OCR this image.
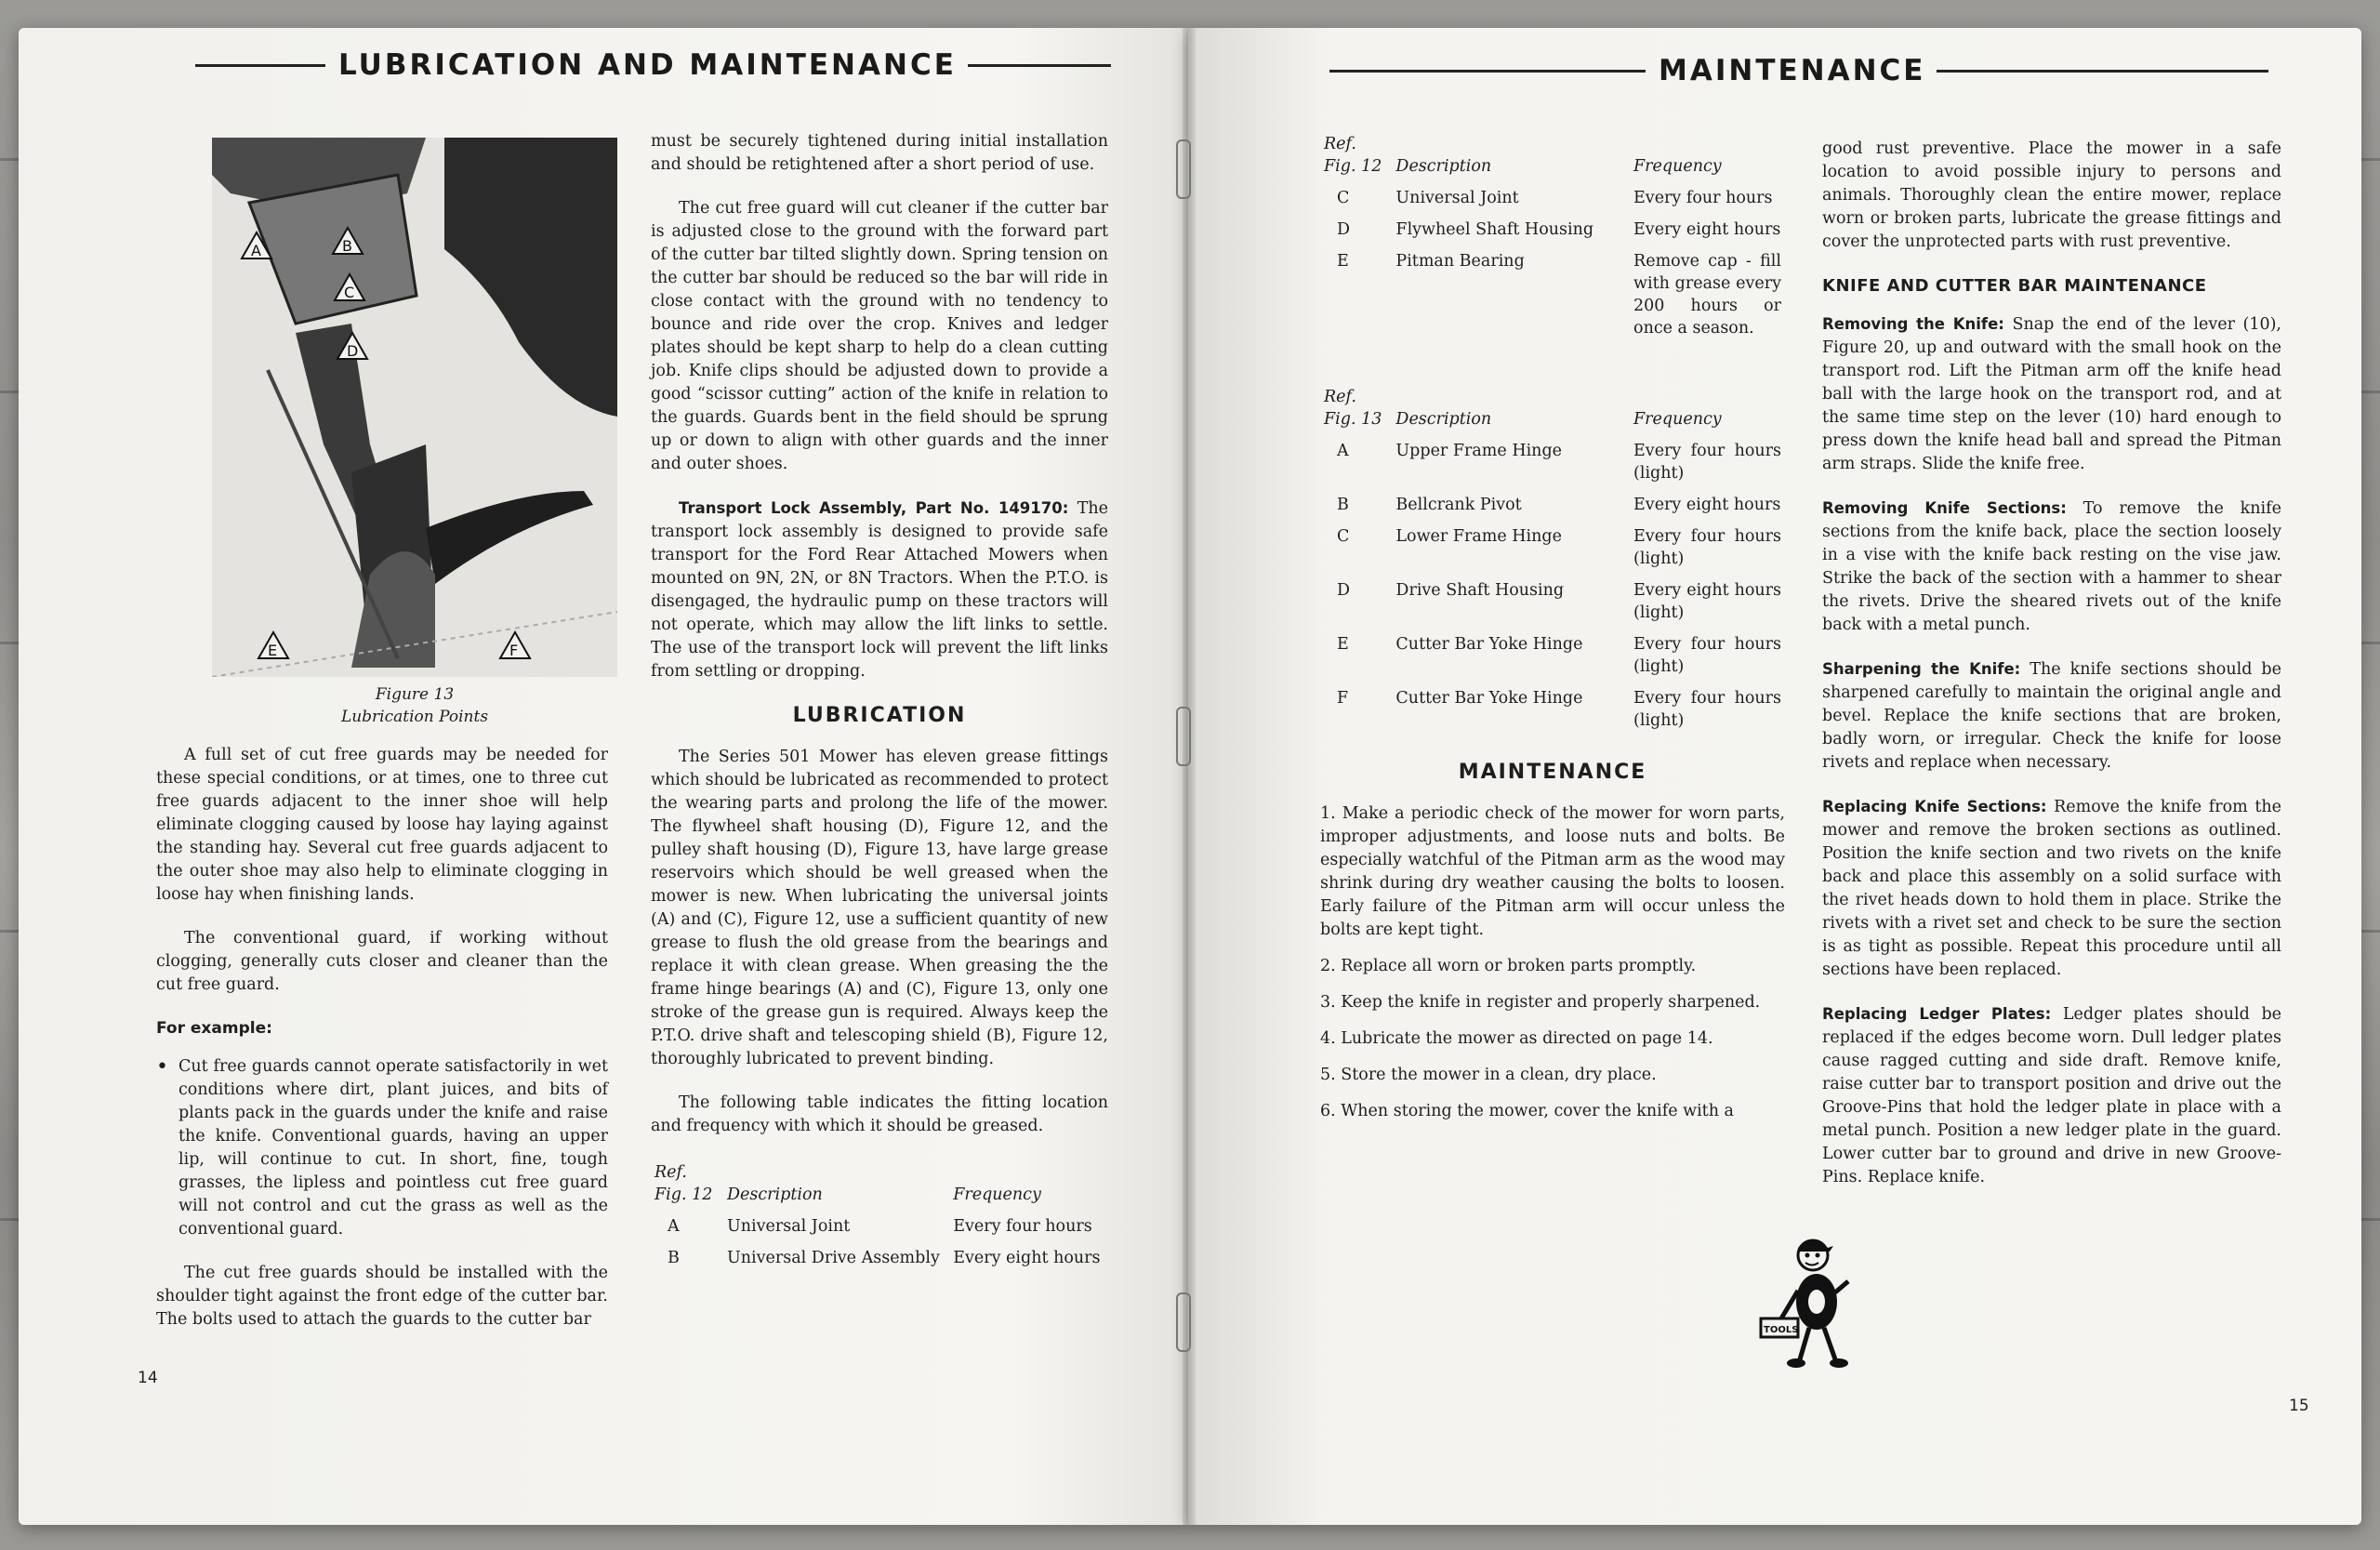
LUBRICATION AND MAINTENANCE
A	B
C
D
E	F
Figure 13
Lubrication Points

A full set of cut free guards may be needed for these special conditions, or at times, one to three cut free guards adjacent to the inner shoe will help eliminate clogging caused by loose hay laying against the standing hay. Several cut free guards adjacent to the outer shoe may also help to eliminate clogging in loose hay when finishing lands.

The conventional guard, if working without clogging, generally cuts closer and cleaner than the cut free guard.

For example:

• Cut free guards cannot operate satisfactorily in wet conditions where dirt, plant juices, and bits of plants pack in the guards under the knife and raise the knife. Conventional guards, having an upper lip, will continue to cut. In short, fine, tough grasses, the lipless and pointless cut free guard will not control and cut the grass as well as the conventional guard.

The cut free guards should be installed with the shoulder tight against the front edge of the cutter bar. The bolts used to attach the guards to the cutter bar

must be securely tightened during initial installation and should be retightened after a short period of use.

The cut free guard will cut cleaner if the cutter bar is adjusted close to the ground with the forward part of the cutter bar tilted slightly down. Spring tension on the cutter bar should be reduced so the bar will ride in close contact with the ground with no tendency to bounce and ride over the crop. Knives and ledger plates should be kept sharp to help do a clean cutting job. Knife clips should be adjusted down to provide a good “scissor cutting” action of the knife in relation to the guards. Guards bent in the field should be sprung up or down to align with other guards and the inner and outer shoes.

Transport Lock Assembly, Part No. 149170: The transport lock assembly is designed to provide safe transport for the Ford Rear Attached Mowers when mounted on 9N, 2N, or 8N Tractors. When the P.T.O. is disengaged, the hydraulic pump on these tractors will not operate, which may allow the lift links to settle. The use of the transport lock will prevent the lift links from settling or dropping.

LUBRICATION

The Series 501 Mower has eleven grease fittings which should be lubricated as recommended to protect the wearing parts and prolong the life of the mower. The flywheel shaft housing (D), Figure 12, and the pulley shaft housing (D), Figure 13, have large grease reservoirs which should be well greased when the mower is new. When lubricating the universal joints (A) and (C), Figure 12, use a sufficient quantity of new grease to flush the old grease from the bearings and replace it with clean grease. When greasing the the frame hinge bearings (A) and (C), Figure 13, only one stroke of the grease gun is required. Always keep the P.T.O. drive shaft and telescoping shield (B), Figure 12, thoroughly lubricated to prevent binding.

The following table indicates the fitting location and frequency with which it should be greased.

Ref.
Fig. 12	Description	Frequency
A	Universal Joint	Every four hours
B	Universal Drive Assembly	Every eight hours
14
MAINTENANCE
Ref.
Fig. 12	Description	Frequency
C	Universal Joint	Every four hours
D	Flywheel Shaft Housing	Every eight hours
E	Pitman Bearing	Remove cap - fill with grease every 200 hours or once a season.
Ref.
Fig. 13	Description	Frequency
A	Upper Frame Hinge	Every four hours (light)
B	Bellcrank Pivot	Every eight hours
C	Lower Frame Hinge	Every four hours (light)
D	Drive Shaft Housing	Every eight hours (light)
E	Cutter Bar Yoke Hinge	Every four hours (light)
F	Cutter Bar Yoke Hinge	Every four hours (light)
MAINTENANCE

1. Make a periodic check of the mower for worn parts, improper adjustments, and loose nuts and bolts. Be especially watchful of the Pitman arm as the wood may shrink during dry weather causing the bolts to loosen. Early failure of the Pitman arm will occur unless the bolts are kept tight.

2. Replace all worn or broken parts promptly.

3. Keep the knife in register and properly sharpened.

4. Lubricate the mower as directed on page 14.

5. Store the mower in a clean, dry place.

6. When storing the mower, cover the knife with a

TOOLS

good rust preventive. Place the mower in a safe location to avoid possible injury to persons and animals. Thoroughly clean the entire mower, replace worn or broken parts, lubricate the grease fittings and cover the unprotected parts with rust preventive.

KNIFE AND CUTTER BAR MAINTENANCE

Removing the Knife: Snap the end of the lever (10), Figure 20, up and outward with the small hook on the transport rod. Lift the Pitman arm off the knife head ball with the large hook on the transport rod, and at the same time step on the lever (10) hard enough to press down the knife head ball and spread the Pitman arm straps. Slide the knife free.

Removing Knife Sections: To remove the knife sections from the knife back, place the section loosely in a vise with the knife back resting on the vise jaw. Strike the back of the section with a hammer to shear the rivets. Drive the sheared rivets out of the knife back with a metal punch.

Sharpening the Knife: The knife sections should be sharpened carefully to maintain the original angle and bevel. Replace the knife sections that are broken, badly worn, or irregular. Check the knife for loose rivets and replace when necessary.

Replacing Knife Sections: Remove the knife from the mower and remove the broken sections as outlined. Position the knife section and two rivets on the knife back and place this assembly on a solid surface with the rivet heads down to hold them in place. Strike the rivets with a rivet set and check to be sure the section is as tight as possible. Repeat this procedure until all sections have been replaced.

Replacing Ledger Plates: Ledger plates should be replaced if the edges become worn. Dull ledger plates cause ragged cutting and side draft. Remove knife, raise cutter bar to transport position and drive out the Groove-Pins that hold the ledger plate in place with a metal punch. Position a new ledger plate in the guard. Lower cutter bar to ground and drive in new Groove-Pins. Replace knife.

15
